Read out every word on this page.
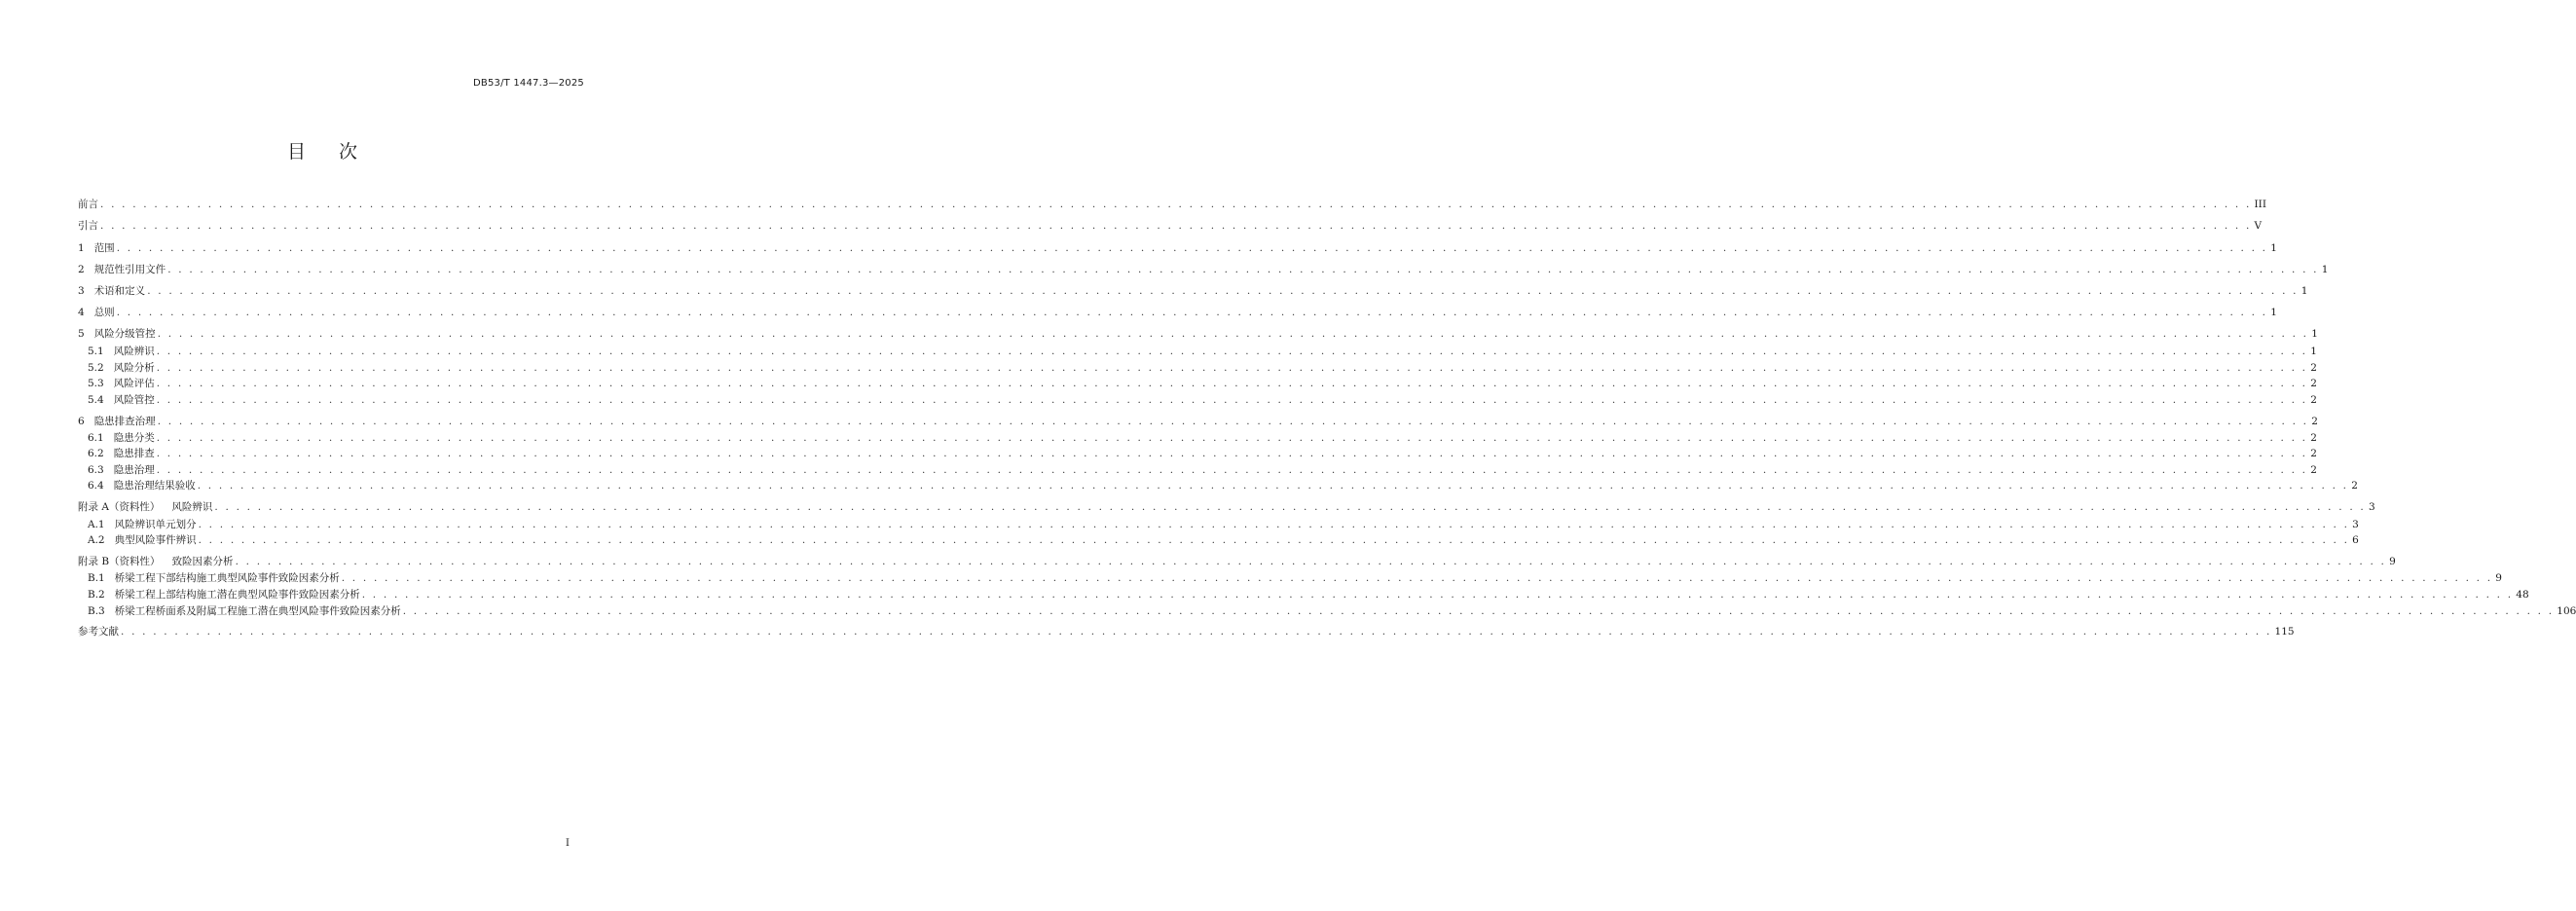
DB53/T 1447.3—2025
目 次
前言 . . . . . . . . . . . . . . . . . . . . . . . . . . . . . . . . . . . . . . . . . . . . . . . . . . . . . . . . . . . . . . . . . . . . . . . . . . . . . . . . . . . . . . . . . . . . . . . . . . . . . . . . . . . . . . . . . . . . . . . . . . . . . . . . . . . . . . . . . . . . . . . . . . . . . . . . . . . . . . . . . . . . . . . . . . . . . . . . . . . . . . . . . . . . . . . . . . . . . . . . III
引言 . . . . . . . . . . . . . . . . . . . . . . . . . . . . . . . . . . . . . . . . . . . . . . . . . . . . . . . . . . . . . . . . . . . . . . . . . . . . . . . . . . . . . . . . . . . . . . . . . . . . . . . . . . . . . . . . . . . . . . . . . . . . . . . . . . . . . . . . . . . . . . . . . . . . . . . . . . . . . . . . . . . . . . . . . . . . . . . . . . . . . . . . . . . . . . . . . . . . . . . . V
1 范围 . . . . . . . . . . . . . . . . . . . . . . . . . . . . . . . . . . . . . . . . . . . . . . . . . . . . . . . . . . . . . . . . . . . . . . . . . . . . . . . . . . . . . . . . . . . . . . . . . . . . . . . . . . . . . . . . . . . . . . . . . . . . . . . . . . . . . . . . . . . . . . . . . . . . . . . . . . . . . . . . . . . . . . . . . . . . . . . . . . . . . . . . . . . . . . . . . . . . . . . . 1
2 规范性引用文件 . . . . . . . . . . . . . . . . . . . . . . . . . . . . . . . . . . . . . . . . . . . . . . . . . . . . . . . . . . . . . . . . . . . . . . . . . . . . . . . . . . . . . . . . . . . . . . . . . . . . . . . . . . . . . . . . . . . . . . . . . . . . . . . . . . . . . . . . . . . . . . . . . . . . . . . . . . . . . . . . . . . . . . . . . . . . . . . . . . . . . . . . . . . . . . . . . . . . . . . . 1
3 术语和定义 . . . . . . . . . . . . . . . . . . . . . . . . . . . . . . . . . . . . . . . . . . . . . . . . . . . . . . . . . . . . . . . . . . . . . . . . . . . . . . . . . . . . . . . . . . . . . . . . . . . . . . . . . . . . . . . . . . . . . . . . . . . . . . . . . . . . . . . . . . . . . . . . . . . . . . . . . . . . . . . . . . . . . . . . . . . . . . . . . . . . . . . . . . . . . . . . . . . . . . . . 1
4 总则 . . . . . . . . . . . . . . . . . . . . . . . . . . . . . . . . . . . . . . . . . . . . . . . . . . . . . . . . . . . . . . . . . . . . . . . . . . . . . . . . . . . . . . . . . . . . . . . . . . . . . . . . . . . . . . . . . . . . . . . . . . . . . . . . . . . . . . . . . . . . . . . . . . . . . . . . . . . . . . . . . . . . . . . . . . . . . . . . . . . . . . . . . . . . . . . . . . . . . . . . 1
5 风险分级管控 . . . . . . . . . . . . . . . . . . . . . . . . . . . . . . . . . . . . . . . . . . . . . . . . . . . . . . . . . . . . . . . . . . . . . . . . . . . . . . . . . . . . . . . . . . . . . . . . . . . . . . . . . . . . . . . . . . . . . . . . . . . . . . . . . . . . . . . . . . . . . . . . . . . . . . . . . . . . . . . . . . . . . . . . . . . . . . . . . . . . . . . . . . . . . . . . . . . . . . . . 1
5.1 风险辨识 . . . . . . . . . . . . . . . . . . . . . . . . . . . . . . . . . . . . . . . . . . . . . . . . . . . . . . . . . . . . . . . . . . . . . . . . . . . . . . . . . . . . . . . . . . . . . . . . . . . . . . . . . . . . . . . . . . . . . . . . . . . . . . . . . . . . . . . . . . . . . . . . . . . . . . . . . . . . . . . . . . . . . . . . . . . . . . . . . . . . . . . . . . . . . . . . . . . . . . . . 1
5.2 风险分析 . . . . . . . . . . . . . . . . . . . . . . . . . . . . . . . . . . . . . . . . . . . . . . . . . . . . . . . . . . . . . . . . . . . . . . . . . . . . . . . . . . . . . . . . . . . . . . . . . . . . . . . . . . . . . . . . . . . . . . . . . . . . . . . . . . . . . . . . . . . . . . . . . . . . . . . . . . . . . . . . . . . . . . . . . . . . . . . . . . . . . . . . . . . . . . . . . . . . . . . . 2
5.3 风险评估 . . . . . . . . . . . . . . . . . . . . . . . . . . . . . . . . . . . . . . . . . . . . . . . . . . . . . . . . . . . . . . . . . . . . . . . . . . . . . . . . . . . . . . . . . . . . . . . . . . . . . . . . . . . . . . . . . . . . . . . . . . . . . . . . . . . . . . . . . . . . . . . . . . . . . . . . . . . . . . . . . . . . . . . . . . . . . . . . . . . . . . . . . . . . . . . . . . . . . . . . 2
5.4 风险管控 . . . . . . . . . . . . . . . . . . . . . . . . . . . . . . . . . . . . . . . . . . . . . . . . . . . . . . . . . . . . . . . . . . . . . . . . . . . . . . . . . . . . . . . . . . . . . . . . . . . . . . . . . . . . . . . . . . . . . . . . . . . . . . . . . . . . . . . . . . . . . . . . . . . . . . . . . . . . . . . . . . . . . . . . . . . . . . . . . . . . . . . . . . . . . . . . . . . . . . . . 2
6 隐患排查治理 . . . . . . . . . . . . . . . . . . . . . . . . . . . . . . . . . . . . . . . . . . . . . . . . . . . . . . . . . . . . . . . . . . . . . . . . . . . . . . . . . . . . . . . . . . . . . . . . . . . . . . . . . . . . . . . . . . . . . . . . . . . . . . . . . . . . . . . . . . . . . . . . . . . . . . . . . . . . . . . . . . . . . . . . . . . . . . . . . . . . . . . . . . . . . . . . . . . . . . . . 2
6.1 隐患分类 . . . . . . . . . . . . . . . . . . . . . . . . . . . . . . . . . . . . . . . . . . . . . . . . . . . . . . . . . . . . . . . . . . . . . . . . . . . . . . . . . . . . . . . . . . . . . . . . . . . . . . . . . . . . . . . . . . . . . . . . . . . . . . . . . . . . . . . . . . . . . . . . . . . . . . . . . . . . . . . . . . . . . . . . . . . . . . . . . . . . . . . . . . . . . . . . . . . . . . . . 2
6.2 隐患排查 . . . . . . . . . . . . . . . . . . . . . . . . . . . . . . . . . . . . . . . . . . . . . . . . . . . . . . . . . . . . . . . . . . . . . . . . . . . . . . . . . . . . . . . . . . . . . . . . . . . . . . . . . . . . . . . . . . . . . . . . . . . . . . . . . . . . . . . . . . . . . . . . . . . . . . . . . . . . . . . . . . . . . . . . . . . . . . . . . . . . . . . . . . . . . . . . . . . . . . . . 2
6.3 隐患治理 . . . . . . . . . . . . . . . . . . . . . . . . . . . . . . . . . . . . . . . . . . . . . . . . . . . . . . . . . . . . . . . . . . . . . . . . . . . . . . . . . . . . . . . . . . . . . . . . . . . . . . . . . . . . . . . . . . . . . . . . . . . . . . . . . . . . . . . . . . . . . . . . . . . . . . . . . . . . . . . . . . . . . . . . . . . . . . . . . . . . . . . . . . . . . . . . . . . . . . . . 2
6.4 隐患治理结果验收 . . . . . . . . . . . . . . . . . . . . . . . . . . . . . . . . . . . . . . . . . . . . . . . . . . . . . . . . . . . . . . . . . . . . . . . . . . . . . . . . . . . . . . . . . . . . . . . . . . . . . . . . . . . . . . . . . . . . . . . . . . . . . . . . . . . . . . . . . . . . . . . . . . . . . . . . . . . . . . . . . . . . . . . . . . . . . . . . . . . . . . . . . . . . . . . . . . . . . . . . 2
附录 A（资料性） 风险辨识 . . . . . . . . . . . . . . . . . . . . . . . . . . . . . . . . . . . . . . . . . . . . . . . . . . . . . . . . . . . . . . . . . . . . . . . . . . . . . . . . . . . . . . . . . . . . . . . . . . . . . . . . . . . . . . . . . . . . . . . . . . . . . . . . . . . . . . . . . . . . . . . . . . . . . . . . . . . . . . . . . . . . . . . . . . . . . . . . . . . . . . . . . . . . . . . . . . . . . . . . 3
A.1 风险辨识单元划分 . . . . . . . . . . . . . . . . . . . . . . . . . . . . . . . . . . . . . . . . . . . . . . . . . . . . . . . . . . . . . . . . . . . . . . . . . . . . . . . . . . . . . . . . . . . . . . . . . . . . . . . . . . . . . . . . . . . . . . . . . . . . . . . . . . . . . . . . . . . . . . . . . . . . . . . . . . . . . . . . . . . . . . . . . . . . . . . . . . . . . . . . . . . . . . . . . . . . . . . . 3
A.2 典型风险事件辨识 . . . . . . . . . . . . . . . . . . . . . . . . . . . . . . . . . . . . . . . . . . . . . . . . . . . . . . . . . . . . . . . . . . . . . . . . . . . . . . . . . . . . . . . . . . . . . . . . . . . . . . . . . . . . . . . . . . . . . . . . . . . . . . . . . . . . . . . . . . . . . . . . . . . . . . . . . . . . . . . . . . . . . . . . . . . . . . . . . . . . . . . . . . . . . . . . . . . . . . . . 6
附录 B（资料性） 致险因素分析 . . . . . . . . . . . . . . . . . . . . . . . . . . . . . . . . . . . . . . . . . . . . . . . . . . . . . . . . . . . . . . . . . . . . . . . . . . . . . . . . . . . . . . . . . . . . . . . . . . . . . . . . . . . . . . . . . . . . . . . . . . . . . . . . . . . . . . . . . . . . . . . . . . . . . . . . . . . . . . . . . . . . . . . . . . . . . . . . . . . . . . . . . . . . . . . . . . . . . . . . 9
B.1 桥梁工程下部结构施工典型风险事件致险因素分析 . . . . . . . . . . . . . . . . . . . . . . . . . . . . . . . . . . . . . . . . . . . . . . . . . . . . . . . . . . . . . . . . . . . . . . . . . . . . . . . . . . . . . . . . . . . . . . . . . . . . . . . . . . . . . . . . . . . . . . . . . . . . . . . . . . . . . . . . . . . . . . . . . . . . . . . . . . . . . . . . . . . . . . . . . . . . . . . . . . . . . . . . . . . . . . . . . . . . . . . . 9
B.2 桥梁工程上部结构施工潜在典型风险事件致险因素分析 . . . . . . . . . . . . . . . . . . . . . . . . . . . . . . . . . . . . . . . . . . . . . . . . . . . . . . . . . . . . . . . . . . . . . . . . . . . . . . . . . . . . . . . . . . . . . . . . . . . . . . . . . . . . . . . . . . . . . . . . . . . . . . . . . . . . . . . . . . . . . . . . . . . . . . . . . . . . . . . . . . . . . . . . . . . . . . . . . . . . . . . . . . . . . . . . . . . . . . . . 48
B.3 桥梁工程桥面系及附属工程施工潜在典型风险事件致险因素分析 . . . . . . . . . . . . . . . . . . . . . . . . . . . . . . . . . . . . . . . . . . . . . . . . . . . . . . . . . . . . . . . . . . . . . . . . . . . . . . . . . . . . . . . . . . . . . . . . . . . . . . . . . . . . . . . . . . . . . . . . . . . . . . . . . . . . . . . . . . . . . . . . . . . . . . . . . . . . . . . . . . . . . . . . . . . . . . . . . . . . . . . . . . . . . . . . . . . . . . . . 106
参考文献 . . . . . . . . . . . . . . . . . . . . . . . . . . . . . . . . . . . . . . . . . . . . . . . . . . . . . . . . . . . . . . . . . . . . . . . . . . . . . . . . . . . . . . . . . . . . . . . . . . . . . . . . . . . . . . . . . . . . . . . . . . . . . . . . . . . . . . . . . . . . . . . . . . . . . . . . . . . . . . . . . . . . . . . . . . . . . . . . . . . . . . . . . . . . . . . . . . . . . . . . 115
I
